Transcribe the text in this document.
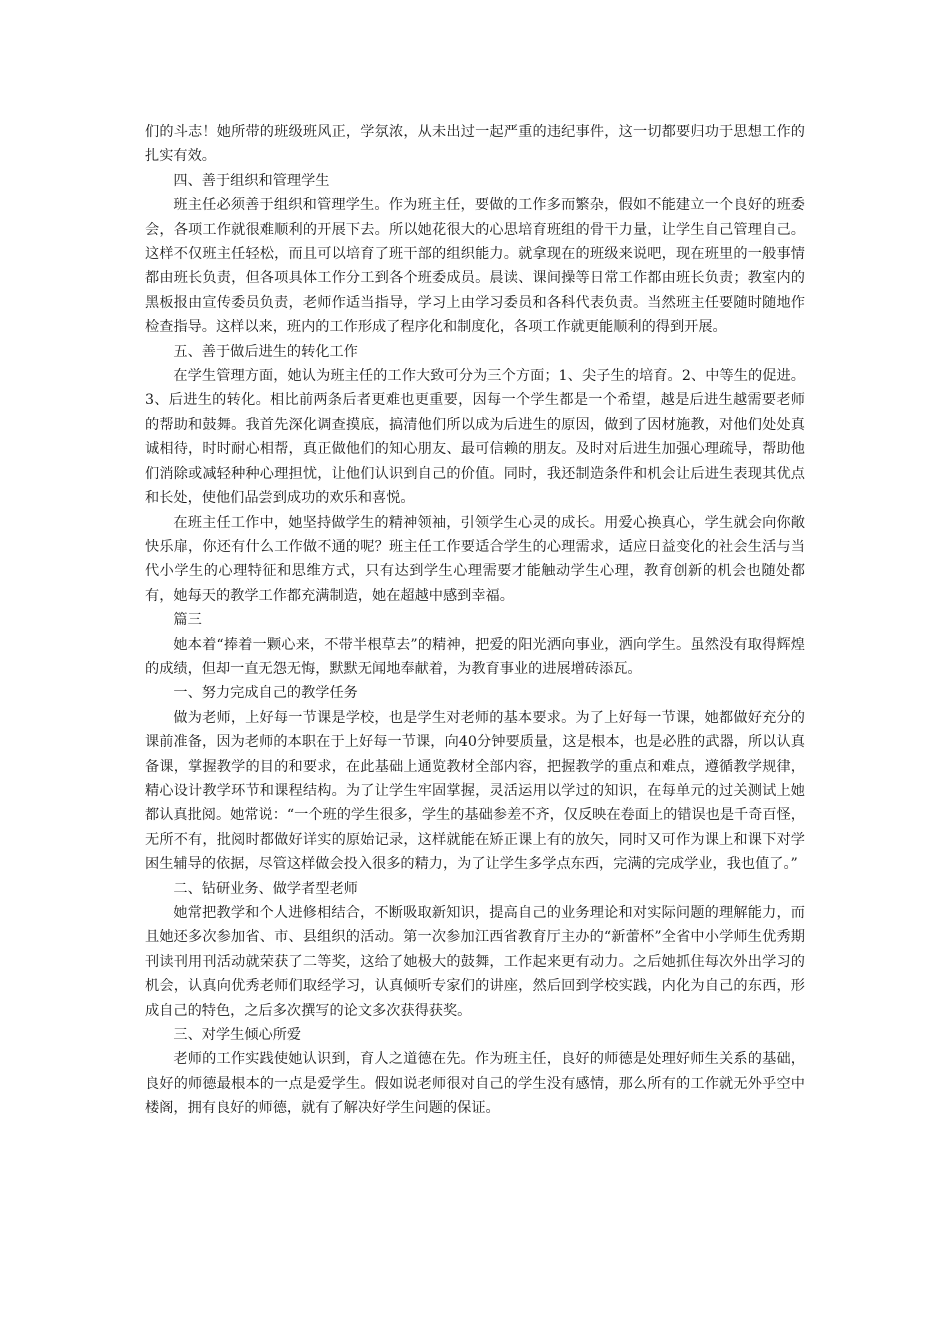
们的斗志！她所带的班级班风正，学氛浓，从未出过一起严重的违纪事件，这一切都要归功于思想工作的扎实有效。

四、善于组织和管理学生

班主任必须善于组织和管理学生。作为班主任，要做的工作多而繁杂，假如不能建立一个良好的班委会，各项工作就很难顺利的开展下去。所以她花很大的心思培育班组的骨干力量，让学生自己管理自己。这样不仅班主任轻松，而且可以培育了班干部的组织能力。就拿现在的班级来说吧，现在班里的一般事情都由班长负责，但各项具体工作分工到各个班委成员。晨读、课间操等日常工作都由班长负责；教室内的黑板报由宣传委员负责，老师作适当指导，学习上由学习委员和各科代表负责。当然班主任要随时随地作检查指导。这样以来，班内的工作形成了程序化和制度化，各项工作就更能顺利的得到开展。

五、善于做后进生的转化工作

在学生管理方面，她认为班主任的工作大致可分为三个方面；1、尖子生的培育。2、中等生的促进。3、后进生的转化。相比前两条后者更难也更重要，因每一个学生都是一个希望，越是后进生越需要老师的帮助和鼓舞。我首先深化调查摸底，搞清他们所以成为后进生的原因，做到了因材施教，对他们处处真诚相待，时时耐心相帮，真正做他们的知心朋友、最可信赖的朋友。及时对后进生加强心理疏导，帮助他们消除或减轻种种心理担忧，让他们认识到自己的价值。同时，我还制造条件和机会让后进生表现其优点和长处，使他们品尝到成功的欢乐和喜悦。

在班主任工作中，她坚持做学生的精神领袖，引领学生心灵的成长。用爱心换真心，学生就会向你敞快乐扉，你还有什么工作做不通的呢？班主任工作要适合学生的心理需求，适应日益变化的社会生活与当代小学生的心理特征和思维方式，只有达到学生心理需要才能触动学生心理，教育创新的机会也随处都有，她每天的教学工作都充满制造，她在超越中感到幸福。

篇三

她本着“捧着一颗心来，不带半根草去”的精神，把爱的阳光洒向事业，洒向学生。虽然没有取得辉煌的成绩，但却一直无怨无悔，默默无闻地奉献着，为教育事业的进展增砖添瓦。

一、努力完成自己的教学任务

做为老师，上好每一节课是学校，也是学生对老师的基本要求。为了上好每一节课，她都做好充分的课前准备，因为老师的本职在于上好每一节课，向40分钟要质量，这是根本，也是必胜的武器，所以认真备课，掌握教学的目的和要求，在此基础上通览教材全部内容，把握教学的重点和难点，遵循教学规律，精心设计教学环节和课程结构。为了让学生牢固掌握，灵活运用以学过的知识，在每单元的过关测试上她都认真批阅。她常说：“一个班的学生很多，学生的基础参差不齐，仅反映在卷面上的错误也是千奇百怪，无所不有，批阅时都做好详实的原始记录，这样就能在矫正课上有的放矢，同时又可作为课上和课下对学困生辅导的依据，尽管这样做会投入很多的精力，为了让学生多学点东西，完满的完成学业，我也值了。”

二、钻研业务、做学者型老师

她常把教学和个人进修相结合，不断吸取新知识，提高自己的业务理论和对实际问题的理解能力，而且她还多次参加省、市、县组织的活动。第一次参加江西省教育厅主办的“新蕾杯”全省中小学师生优秀期刊读刊用刊活动就荣获了二等奖，这给了她极大的鼓舞，工作起来更有动力。之后她抓住每次外出学习的机会，认真向优秀老师们取经学习，认真倾听专家们的讲座，然后回到学校实践，内化为自己的东西，形成自己的特色，之后多次撰写的论文多次获得获奖。

三、对学生倾心所爱

老师的工作实践使她认识到，育人之道德在先。作为班主任，良好的师德是处理好师生关系的基础，良好的师德最根本的一点是爱学生。假如说老师很对自己的学生没有感情，那么所有的工作就无外乎空中楼阁，拥有良好的师德，就有了解决好学生问题的保证。
